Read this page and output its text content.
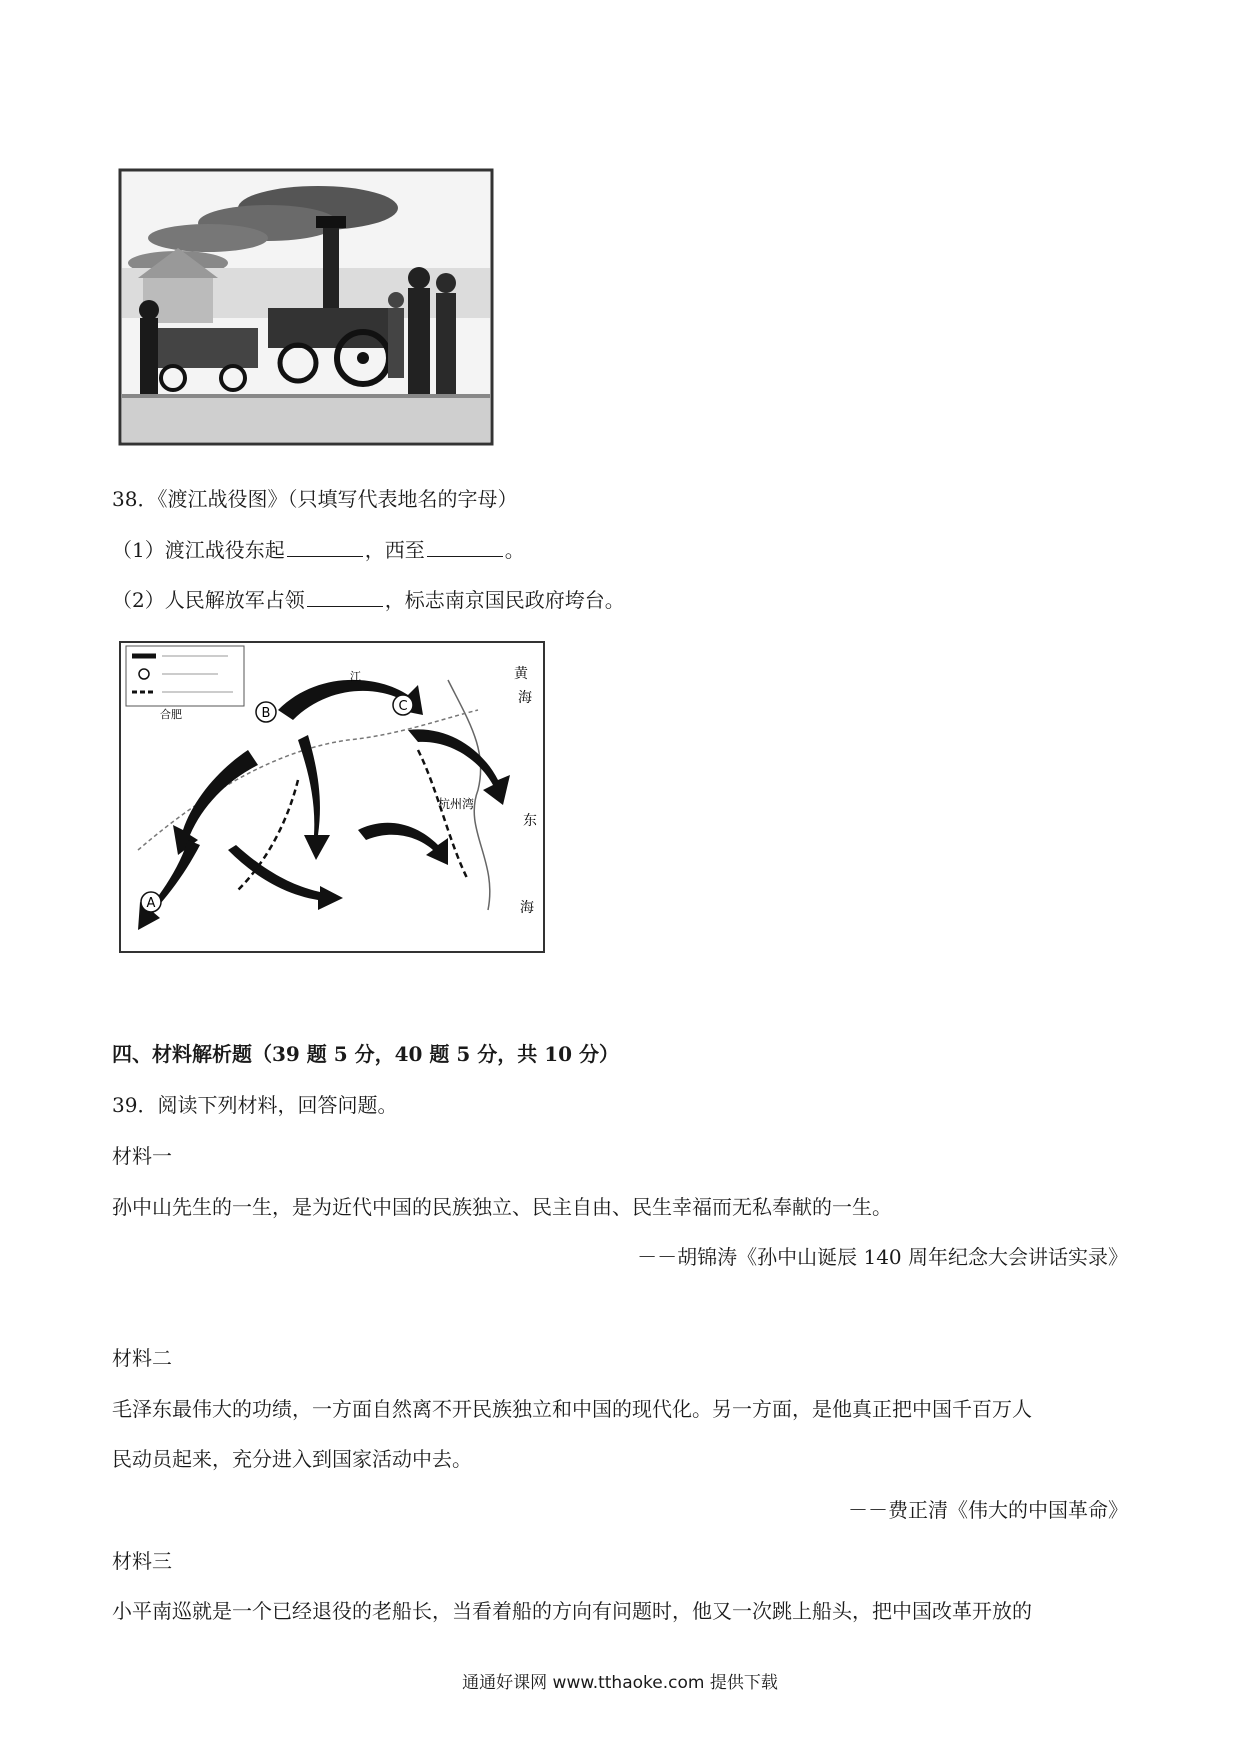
38．《渡江战役图》（只填写代表地名的字母）
（1）渡江战役东起	，西至	。
（2）人民解放军占领	，标志南京国民政府垮台。
A
B	C
黄
海
东
海
杭州湾
合肥
江
四、材料解析题（39 题 5 分，40 题 5 分，共 10 分）
39．阅读下列材料，回答问题。
材料一
孙中山先生的一生，是为近代中国的民族独立、民主自由、民生幸福而无私奉献的一生。
－－胡锦涛《孙中山诞辰 140 周年纪念大会讲话实录》
材料二
毛泽东最伟大的功绩，一方面自然离不开民族独立和中国的现代化。另一方面，是他真正把中国千百万人
民动员起来，充分进入到国家活动中去。
－－费正清《伟大的中国革命》
材料三
小平南巡就是一个已经退役的老船长，当看着船的方向有问题时，他又一次跳上船头，把中国改革开放的
通通好课网 www.tthaoke.com 提供下载
